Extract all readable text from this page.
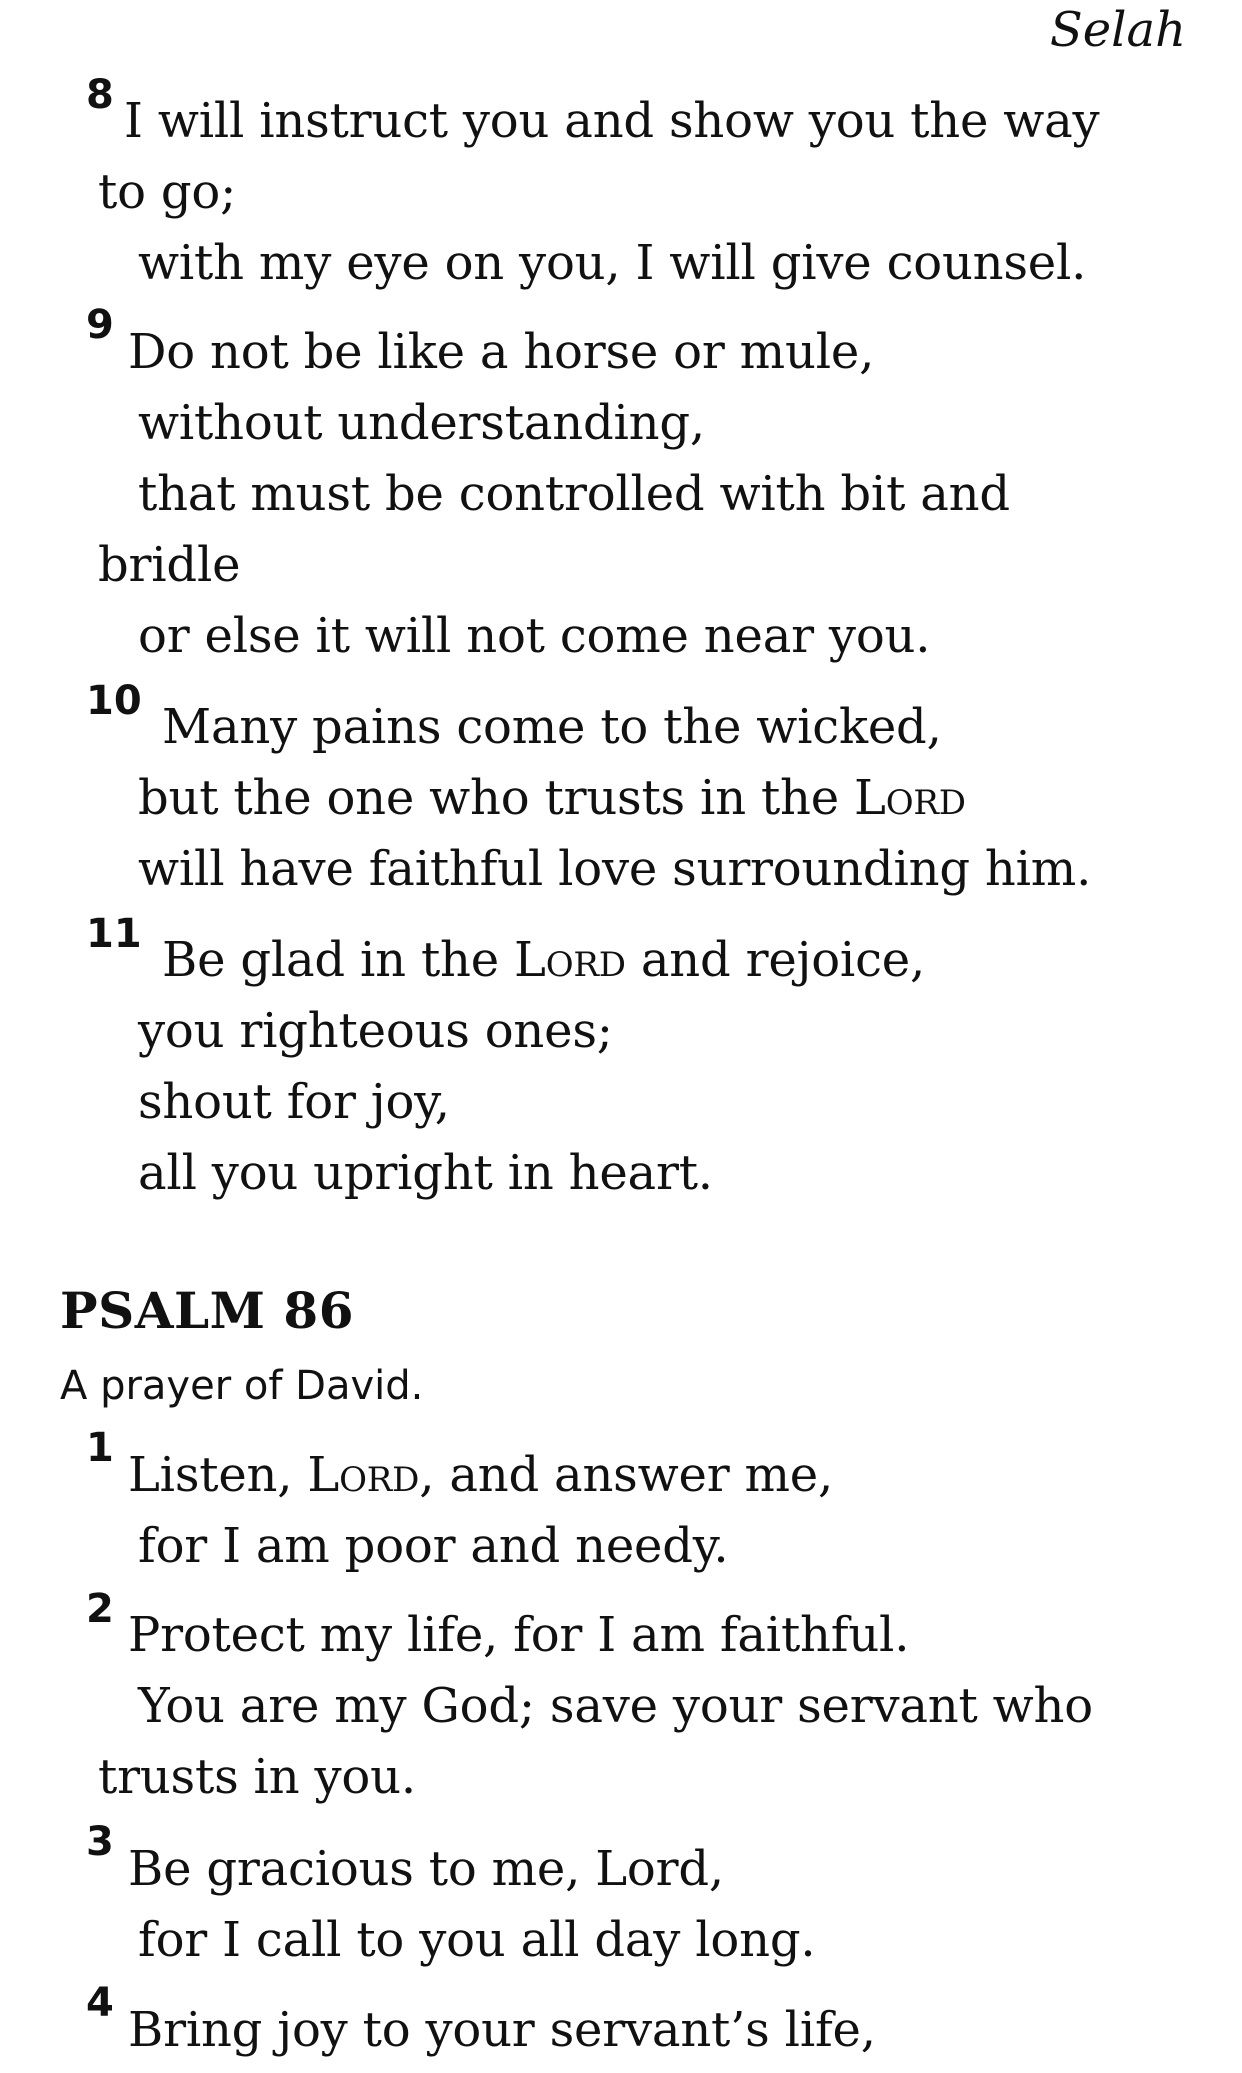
Selah
8 I will instruct you and show you the way
to go;
with my eye on you, I will give counsel.
9 Do not be like a horse or mule,
without understanding,
that must be controlled with bit and
bridle
or else it will not come near you.
10 Many pains come to the wicked,
but the one who trusts in the Lord
will have faithful love surrounding him.
11 Be glad in the Lord and rejoice,
you righteous ones;
shout for joy,
all you upright in heart.
PSALM 86
A prayer of David.
1 Listen, Lord, and answer me,
for I am poor and needy.
2 Protect my life, for I am faithful.
You are my God; save your servant who
trusts in you.
3 Be gracious to me, Lord,
for I call to you all day long.
4 Bring joy to your servant’s life,
